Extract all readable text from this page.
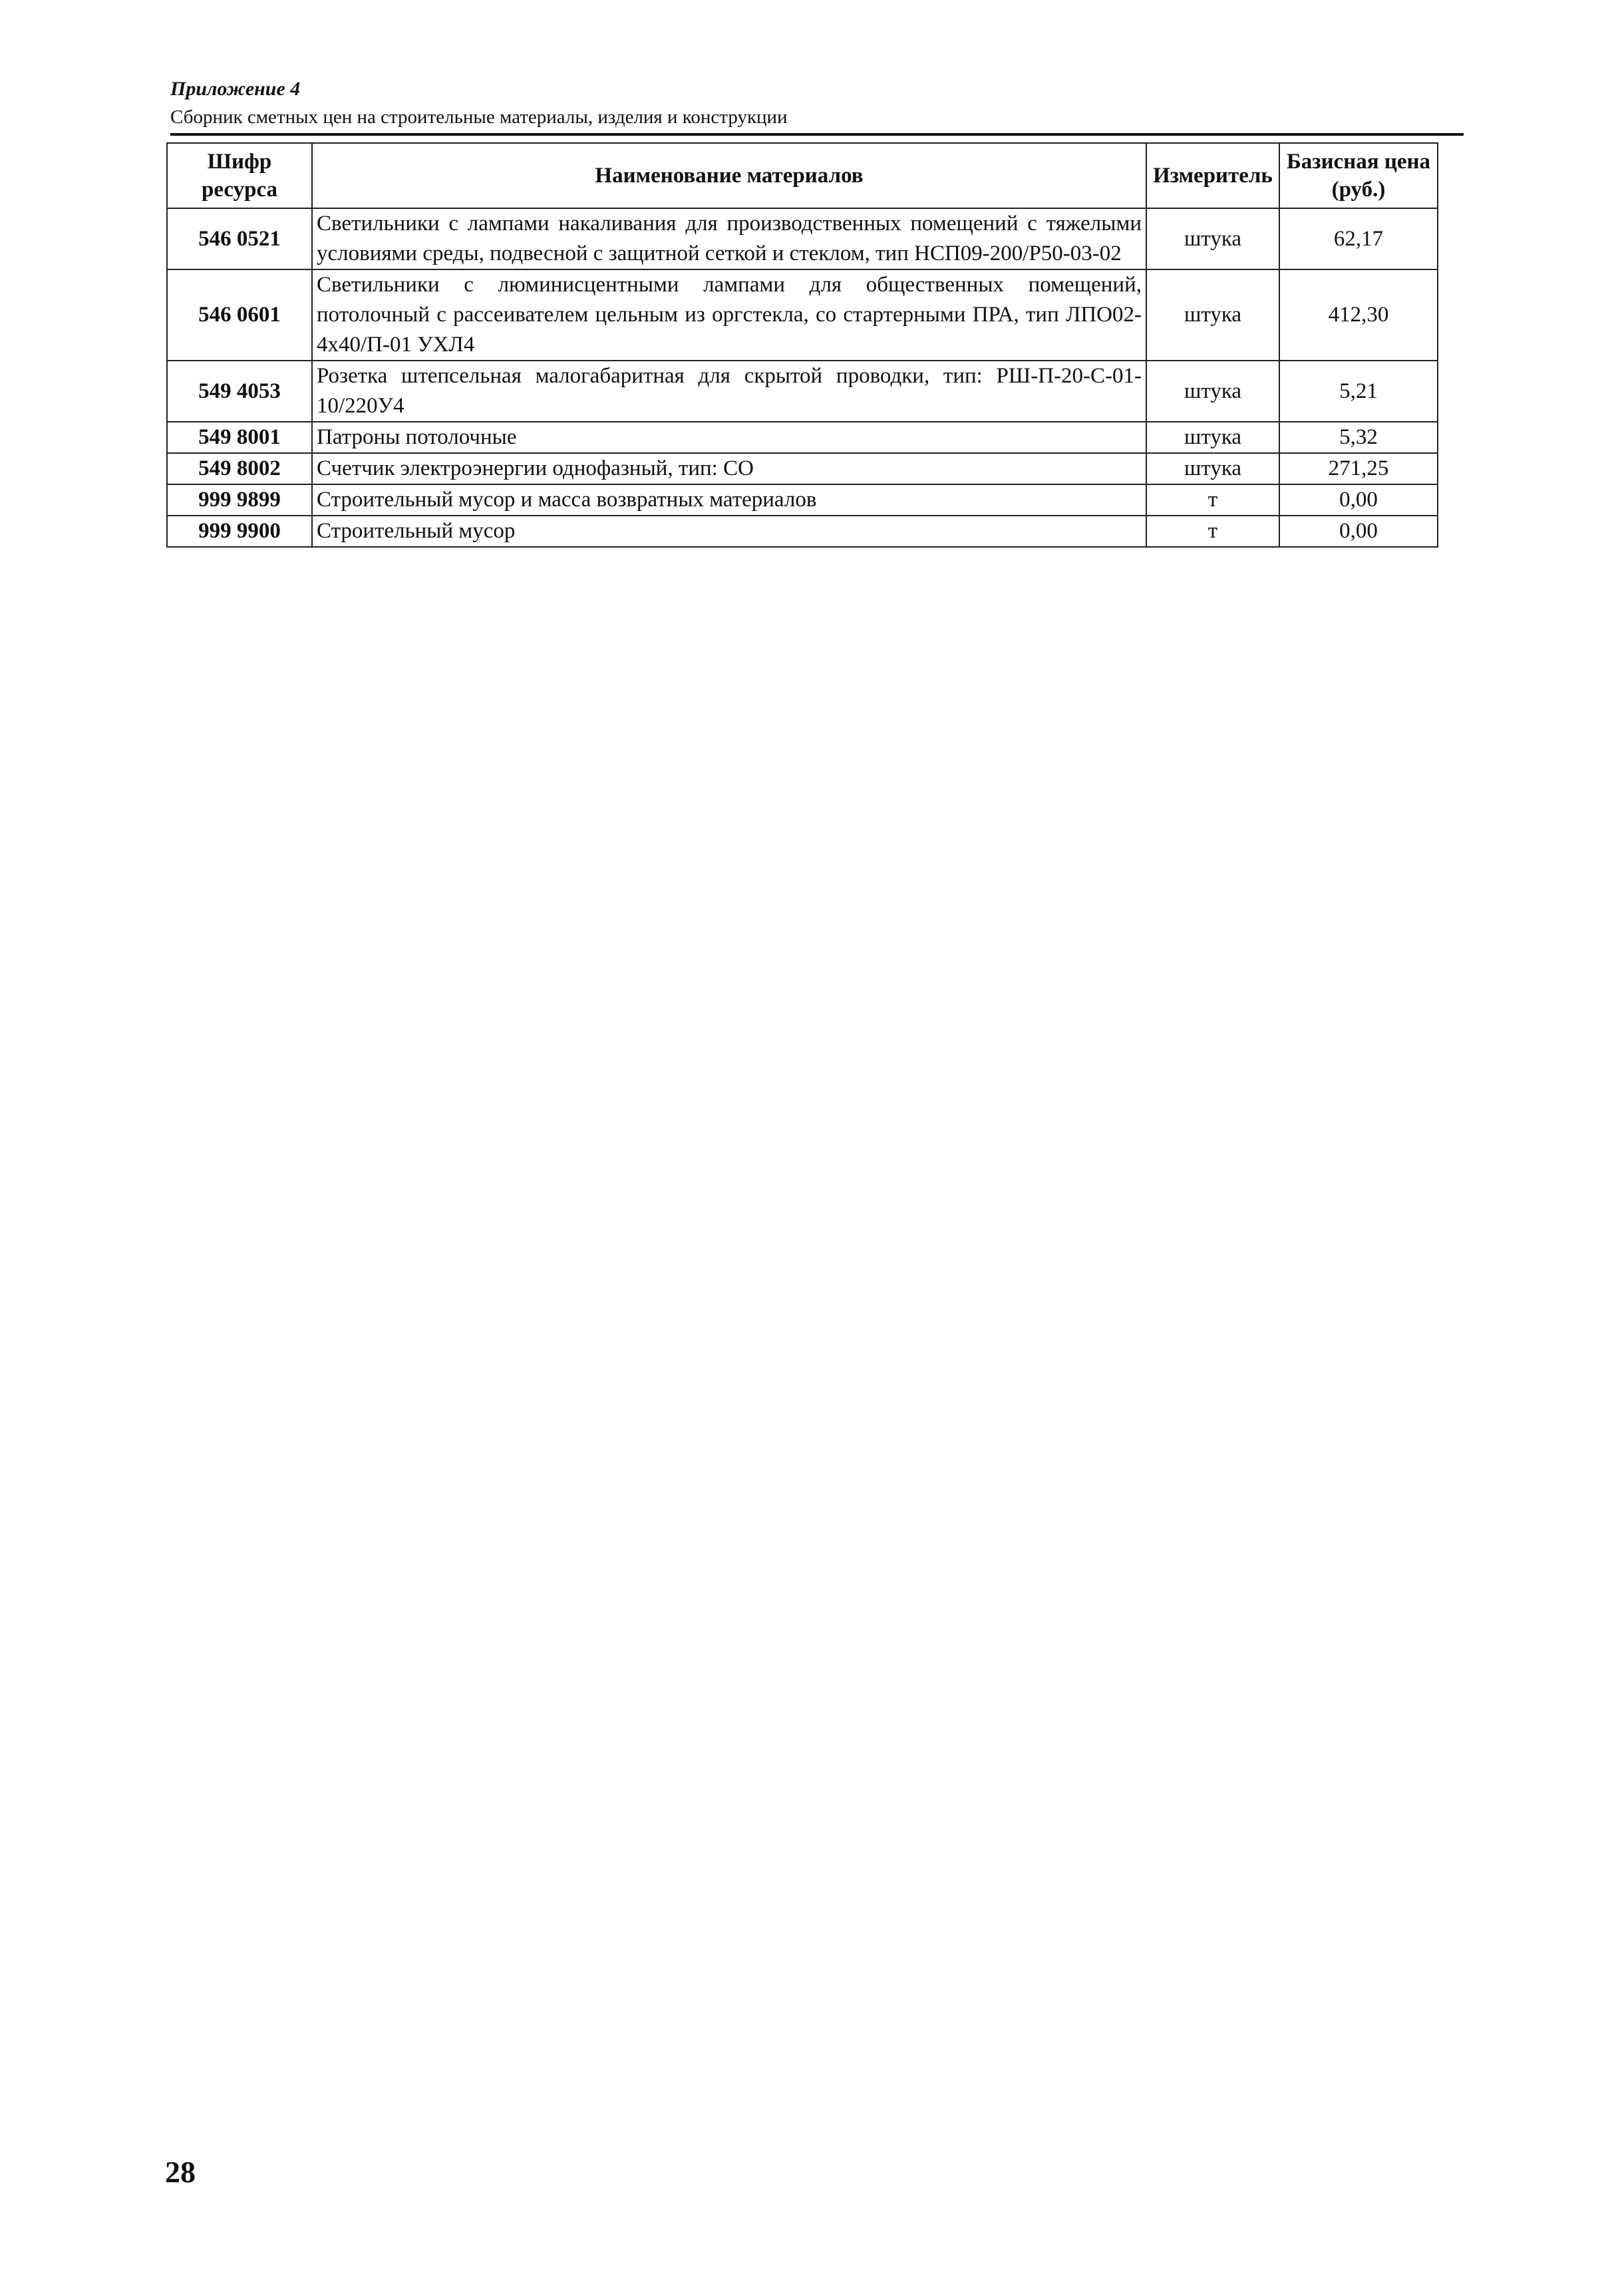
Приложение 4
Сборник сметных цен на строительные материалы, изделия и конструкции
Шифр ресурса	Наименование материалов	Измеритель	Базисная цена (руб.)
546 0521	Светильники с лампами накаливания для производственных помещений с тяжелыми условиями среды, подвесной с защитной сеткой и стеклом, тип НСП09-200/Р50-03-02	штука	62,17
546 0601	Светильники с люминисцентными лампами для общественных помещений, потолочный с рассеивателем цельным из оргстекла, со стартерными ПРА, тип ЛПО02-4х40/П-01 УХЛ4	штука	412,30
549 4053	Розетка штепсельная малогабаритная для скрытой проводки, тип: РШ-П-20-С-01-10/220У4	штука	5,21
549 8001	Патроны потолочные	штука	5,32
549 8002	Счетчик электроэнергии однофазный, тип: СО	штука	271,25
999 9899	Строительный мусор и масса возвратных материалов	т	0,00
999 9900	Строительный мусор	т	0,00
28
